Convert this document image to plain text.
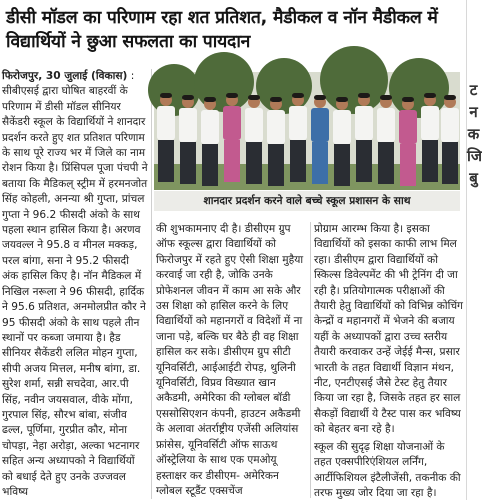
डीसी मॉडल का परिणाम रहा शत प्रतिशत, मैडीकल व नॉन मैडीकल में विद्यार्थियों ने छुआ सफलता का पायदान

फिरोजपुर, 30 जुलाई (विकास) : सीबीएसई द्वारा घोषित बाहरवीं के परिणाम में डीसी मॉडल सीनियर सैकेंडरी स्कूल के विद्यार्थियों ने शानदार प्रदर्शन करते हुए शत प्रतिशत परिणाम के साथ पूरे राज्य भर में जिले का नाम रोशन किया है। प्रिंसिपल पूजा पंचपी ने बताया कि मैडिकल् स्ट्रीम में हरमनजोत सिंह कोहली, अनन्या श्री गुप्ता, प्रांचल गुप्ता ने 96.2 फीसदी अंको के साथ पहला स्थान हासिल किया है। अरणव जयवल्ल ने 95.8 व मीनल मक्कड़, परल बांगा, सना ने 95.2 फीसदी अंक हासिल किए है। नॉन मैडिकल में निखिल नरूला ने 96 फीसदी, हार्दिक ने 95.6 प्रतिशत, अनमोलप्रीत कौर ने 95 फीसदी अंको के साथ पहले तीन स्थानों पर कब्जा जमाया है। हैड सीनियर सैकेंडरी ललित मोहन गुप्ता, सीपी अजय मित्तल, मनीष बांगा, डा. सुरेश शर्मा, सन्नी सचदेवा, आर.पी सिंह, नवीन जयसवाल, वीके मोंगा, गुरपाल सिंह, सौरभ बांबा, संजीव ढल्ल, पूर्णिमा, गुरप्रीत कौर, मोना चोपड़ा, नेहा अरोड़ा, अल्का भटनागर सहित अन्य अध्यापको ने विद्यार्थियों को बधाई देते हुए उनके उज्जवल भविष्य

शानदार प्रदर्शन करने वाले बच्चे स्कूल प्रशासन के साथ

की शुभकामनाए दी है। डीसीएम ग्रुप ऑफ स्कूल्स द्वारा विद्यार्थियों को फिरोजपुर में रहते हुए ऐसी शिक्षा मुहैया करवाई जा रही है, जोकि उनके प्रोफेशनल जीवन में काम आ सके और उस शिक्षा को हासिल करने के लिए विद्यार्थियों को महानगरों व विदेशों में ना जाना पड़े, बल्कि घर बैठे ही वह शिक्षा हासिल कर सके। डीसीएम ग्रुप सीटी यूनिवर्सिटी, आईआईटी रोपड़, थुलिनी यूनिवर्सिटी, विप्रव विख्यात खान अकैडमी, अमेरिका की ग्लोबल बॉडी एससोसिएशन कंपनी, हाउटन अकैडमी के अलावा अंतर्राष्ट्रीय एजेंसी अलियांस फ्रांसेस, यूनिवर्सिटी ऑफ साऊथ ऑस्ट्रेलिया के साथ एक एमओयू हस्ताक्षर कर डीसीएम- अमेरिकन ग्लोबल स्टूडैंट एक्सचेंज

प्रोग्राम आरम्भ किया है। इसका विद्यार्थियों को इसका काफी लाभ मिल रहा। डीसीएम द्वारा विद्यार्थियों को स्किल्स डिवेल्पमेंट की भी ट्रेनिंग दी जा रही है। प्रतियोगात्मक परीक्षाओं की तैयारी हेतु विद्यार्थियों को विभिन्न कोचिंग केन्द्रों व महानगरों में भेजने की बजाय यहीं के अध्यापकों द्वारा उच्च स्तरीय तैयारी करवाकर उन्हें जेईई मैन्स, प्रसार भारती के तहत विद्यार्थी विज्ञान मंथन, नीट, एनटीएसई जैसे टेस्ट हेतु तैयार किया जा रहा है, जिसके तहत हर साल सैकड़ों विद्यार्थी ये टैस्ट पास कर भविष्य को बेहतर बना रहे है।

स्कूल की सुदृढ़ शिक्षा योजनाओं के तहत एक्सपीरिएंशियल लर्निंग, आर्टीफिशियल इंटैलीजेंसी, तकनीक की तरफ मुख्य जोर दिया जा रहा है।

ट न क जि बु
